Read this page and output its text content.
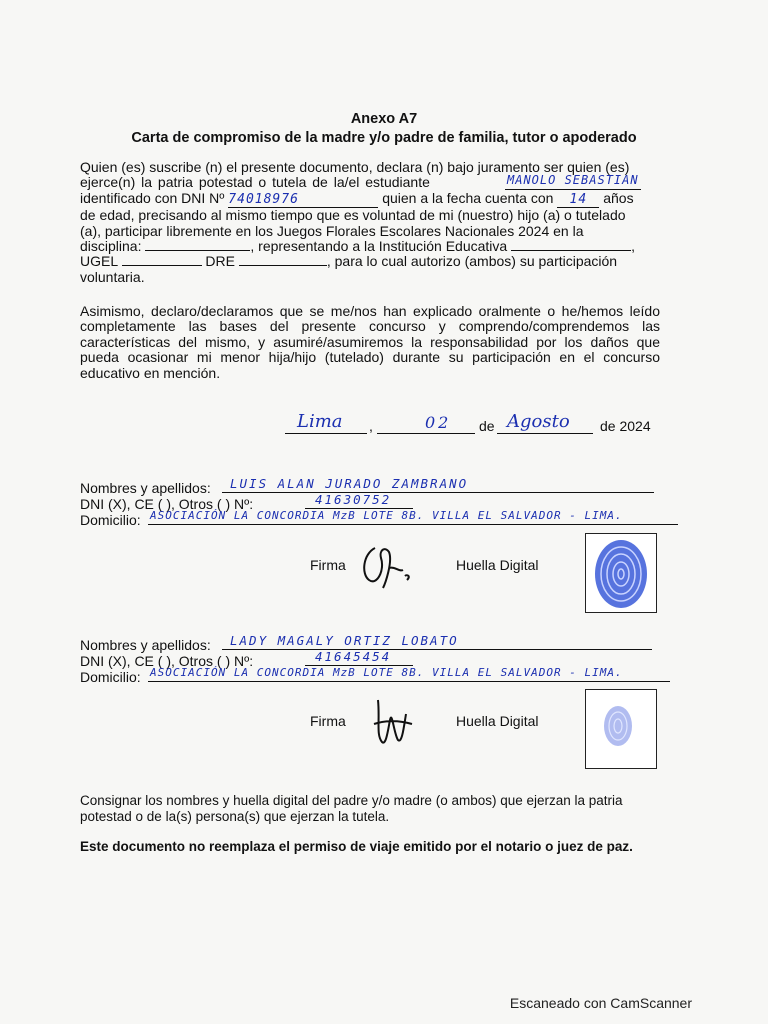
Anexo A7
Carta de compromiso de la madre y/o padre de familia, tutor o apoderado
Quien (es) suscribe (n) el presente documento, declara (n) bajo juramento ser quien (es)
ejerce(n) la patria potestad o tutela de la/el estudiante	MANOLO SEBASTIAN
identificado con DNI Nº 74018976	quien a la fecha cuenta con 14 años
de edad, precisando al mismo tiempo que es voluntad de mi (nuestro) hijo (a) o tutelado
(a), participar libremente en los Juegos Florales Escolares Nacionales 2024 en la
disciplina:	, representando a la Institución Educativa	,
UGEL	DRE	, para lo cual autorizo (ambos) su participación
voluntaria.
Asimismo, declaro/declaramos que se me/nos han explicado oralmente o he/hemos leído completamente las bases del presente concurso y comprendo/comprendemos las características del mismo, y asumiré/asumiremos la responsabilidad por los daños que pueda ocasionar mi menor hija/hijo (tutelado) durante su participación en el concurso educativo en mención.
Lima ,	02 de Agosto de 2024
Nombres y apellidos: LUIS ALAN JURADO ZAMBRANO
DNI (X), CE ( ), Otros ( ) Nº:	41630752
Domicilio: ASOCIACIÓN LA CONCORDIA MzB LOTE 8B. VILLA EL SALVADOR - LIMA.
Firma	Huella Digital
Nombres y apellidos: LADY MAGALY ORTIZ LOBATO
DNI (X), CE ( ), Otros ( ) Nº:	41645454
Domicilio: ASOCIACIÓN LA CONCORDIA MzB LOTE 8B. VILLA EL SALVADOR - LIMA.
Firma	Huella Digital
Consignar los nombres y huella digital del padre y/o madre (o ambos) que ejerzan la patria potestad o de la(s) persona(s) que ejerzan la tutela.
Este documento no reemplaza el permiso de viaje emitido por el notario o juez de paz.
Escaneado con CamScanner
